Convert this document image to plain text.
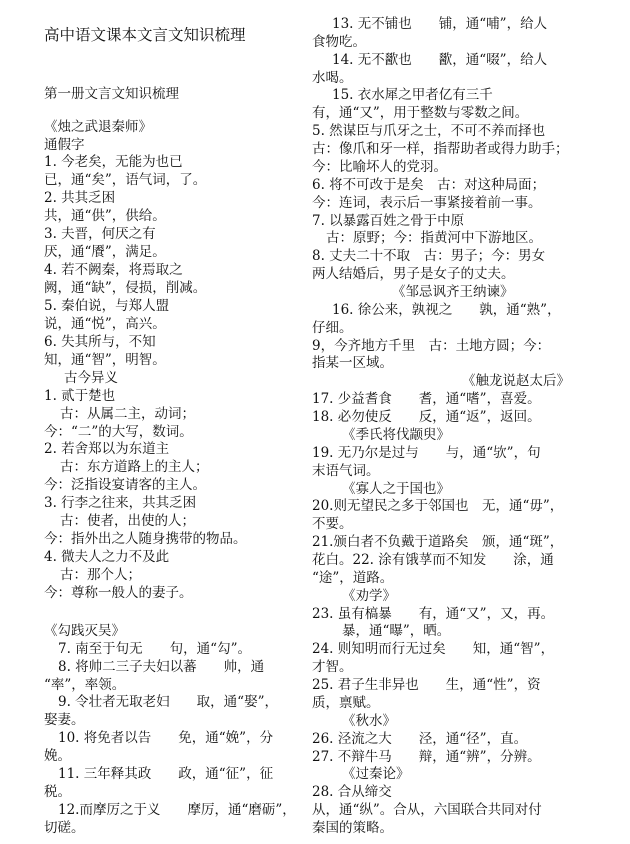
高中语文课本文言文知识梳理
第一册文言文知识梳理
《烛之武退秦师》
通假字
1. 今老矣，无能为也已
已，通“矣”，语气词，了。
2. 共其乏困
共，通“供”，供给。
3. 夫晋，何厌之有
厌，通“餍”，满足。
4. 若不阙秦，将焉取之
阙，通“缺”，侵损，削减。
5. 秦伯说，与郑人盟
说，通“悦”，高兴。
6. 失其所与，不知
知，通“智”，明智。
古今异义
1. 贰于楚也
古：从属二主，动词；
今：“二”的大写，数词。
2. 若舍郑以为东道主
古：东方道路上的主人；
今：泛指设宴请客的主人。
3. 行李之往来，共其乏困
古：使者，出使的人；
今：指外出之人随身携带的物品。
4. 微夫人之力不及此
古：那个人；
今：尊称一般人的妻子。
《勾践灭吴》
7. 南至于句无　　句，通“勾”。
8. 将帅二三子夫妇以蕃　　帅，通
“率”，率领。
9. 令壮者无取老妇　　取，通“娶”，
娶妻。
10. 将免者以告　　免，通“娩”，分
娩。
11. 三年释其政　　政，通“征”，征
税。
12.而摩厉之于义　　摩厉，通“磨砺”，
切磋。
13. 无不铺也　　铺，通“哺”，给人
食物吃。
14. 无不歠也　　歠，通“啜”，给人
水喝。
15. 衣水犀之甲者亿有三千
有，通“又”，用于整数与零数之间。
5. 然谋臣与爪牙之士，不可不养而择也
古：像爪和牙一样，指帮助者或得力助手；
今：比喻坏人的党羽。
6. 将不可改于是矣　古：对这种局面；
今：连词，表示后一事紧接着前一事。
7. 以暴露百姓之骨于中原
古：原野；今：指黄河中下游地区。
8. 丈夫二十不取　古：男子；今：男女
两人结婚后，男子是女子的丈夫。
《邹忌讽齐王纳谏》
16. 徐公来，孰视之　　孰，通“熟”，
仔细。
9，今齐地方千里　古：土地方圆；今：
指某一区域。
《触龙说赵太后》
17. 少益耆食　　耆，通“嗜”，喜爱。
18. 必勿使反　　反，通“返”，返回。
《季氏将伐颛臾》
19. 无乃尔是过与　　与，通“欤”，句
末语气词。
《寡人之于国也》
20.则无望民之多于邻国也　无，通“毋”，
不要。
21.颁白者不负戴于道路矣　颁，通“斑”，
花白。22. 涂有饿莩而不知发　　涂，通
“途”，道路。
《劝学》
23. 虽有槁暴　　有，通“又”，又，再。
暴，通“曝”，晒。
24. 则知明而行无过矣　　知，通“智”，
才智。
25. 君子生非异也　　生，通“性”，资
质，禀赋。
《秋水》
26. 泾流之大　　泾，通“径”，直。
27. 不辩牛马　　辩，通“辨”，分辨。
《过秦论》
28. 合从缔交
从，通“纵”。合从，六国联合共同对付
秦国的策略。
